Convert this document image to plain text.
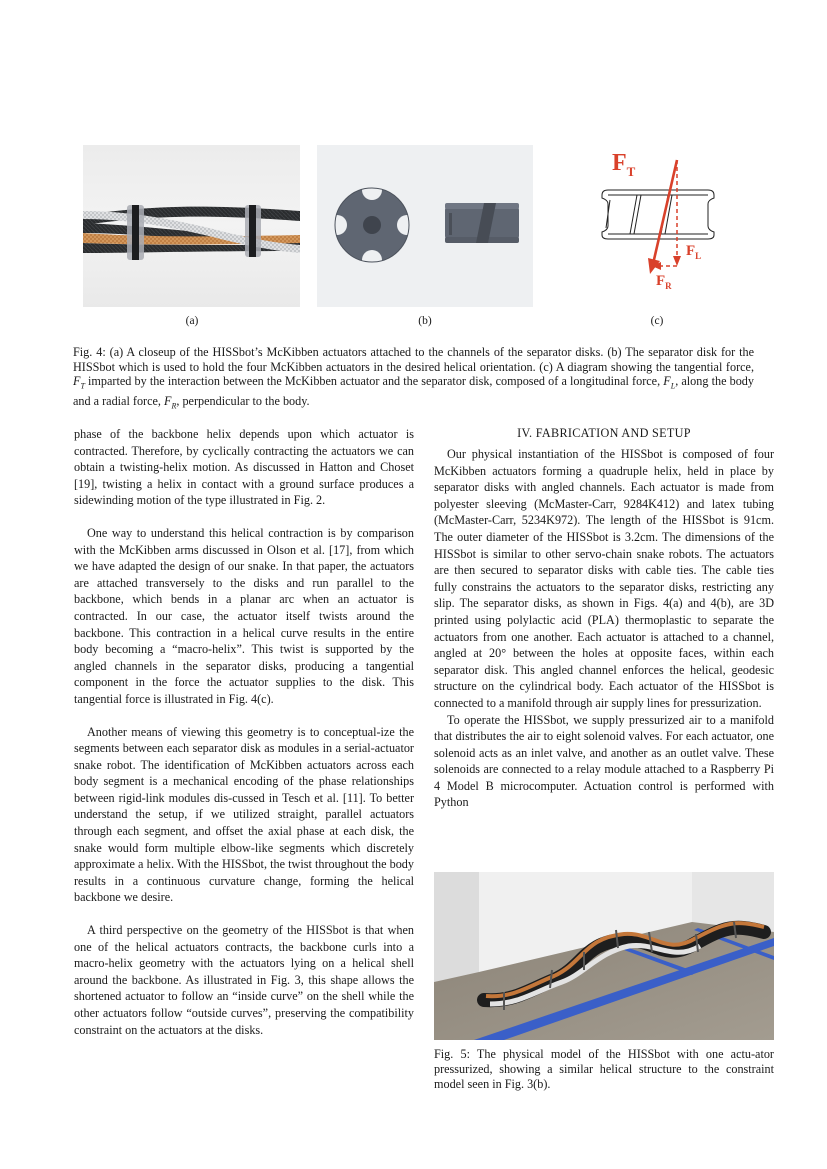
(a)	(b)
$F_T$
$F_L$
$F_R$
(c)
Fig. 4: (a) A closeup of the HISSbot’s McKibben actuators attached to the channels of the separator disks. (b) The separator disk for the HISSbot which is used to hold the four McKibben actuators in the desired helical orientation. (c) A diagram showing the tangential force, $F_T$ imparted by the interaction between the McKibben actuator and the separator disk, composed of a longitudinal force, $F_L$, along the body and a radial force, $F_R$, perpendicular to the body.

phase of the backbone helix depends upon which actuator is contracted. Therefore, by cyclically contracting the actuators we can obtain a twisting-helix motion. As discussed in Hatton and Choset [19], twisting a helix in contact with a ground surface produces a sidewinding motion of the type illustrated in Fig. 2.

One way to understand this helical contraction is by comparison with the McKibben arms discussed in Olson et al. [17], from which we have adapted the design of our snake. In that paper, the actuators are attached transversely to the disks and run parallel to the backbone, which bends in a planar arc when an actuator is contracted. In our case, the actuator itself twists around the backbone. This contraction in a helical curve results in the entire body becoming a “macro-helix”. This twist is supported by the angled channels in the separator disks, producing a tangential component in the force the actuator supplies to the disk. This tangential force is illustrated in Fig. 4(c).

Another means of viewing this geometry is to conceptual-ize the segments between each separator disk as modules in a serial-actuator snake robot. The identification of McKibben actuators across each body segment is a mechanical encoding of the phase relationships between rigid-link modules dis-cussed in Tesch et al. [11]. To better understand the setup, if we utilized straight, parallel actuators through each segment, and offset the axial phase at each disk, the snake would form multiple elbow-like segments which discretely approximate a helix. With the HISSbot, the twist throughout the body results in a continuous curvature change, forming the helical backbone we desire.

A third perspective on the geometry of the HISSbot is that when one of the helical actuators contracts, the backbone curls into a macro-helix geometry with the actuators lying on a helical shell around the backbone. As illustrated in Fig. 3, this shape allows the shortened actuator to follow an “inside curve” on the shell while the other actuators follow “outside curves”, preserving the compatibility constraint on the actuators at the disks.

IV. FABRICATION AND SETUP

Our physical instantiation of the HISSbot is composed of four McKibben actuators forming a quadruple helix, held in place by separator disks with angled channels. Each actuator is made from polyester sleeving (McMaster-Carr, 9284K412) and latex tubing (McMaster-Carr, 5234K972). The length of the HISSbot is 91cm. The outer diameter of the HISSbot is 3.2cm. The dimensions of the HISSbot is similar to other servo-chain snake robots. The actuators are then secured to separator disks with cable ties. The cable ties fully constrains the actuators to the separator disks, restricting any slip. The separator disks, as shown in Figs. 4(a) and 4(b), are 3D printed using polylactic acid (PLA) thermoplastic to separate the actuators from one another. Each actuator is attached to a channel, angled at 20° between the holes at opposite faces, within each separator disk. This angled channel enforces the helical, geodesic structure on the cylindrical body. Each actuator of the HISSbot is connected to a manifold through air supply lines for pressurization.

To operate the HISSbot, we supply pressurized air to a manifold that distributes the air to eight solenoid valves. For each actuator, one solenoid acts as an inlet valve, and another as an outlet valve. These solenoids are connected to a relay module attached to a Raspberry Pi 4 Model B microcomputer. Actuation control is performed with Python

Fig. 5: The physical model of the HISSbot with one actu-ator pressurized, showing a similar helical structure to the constraint model seen in Fig. 3(b).
